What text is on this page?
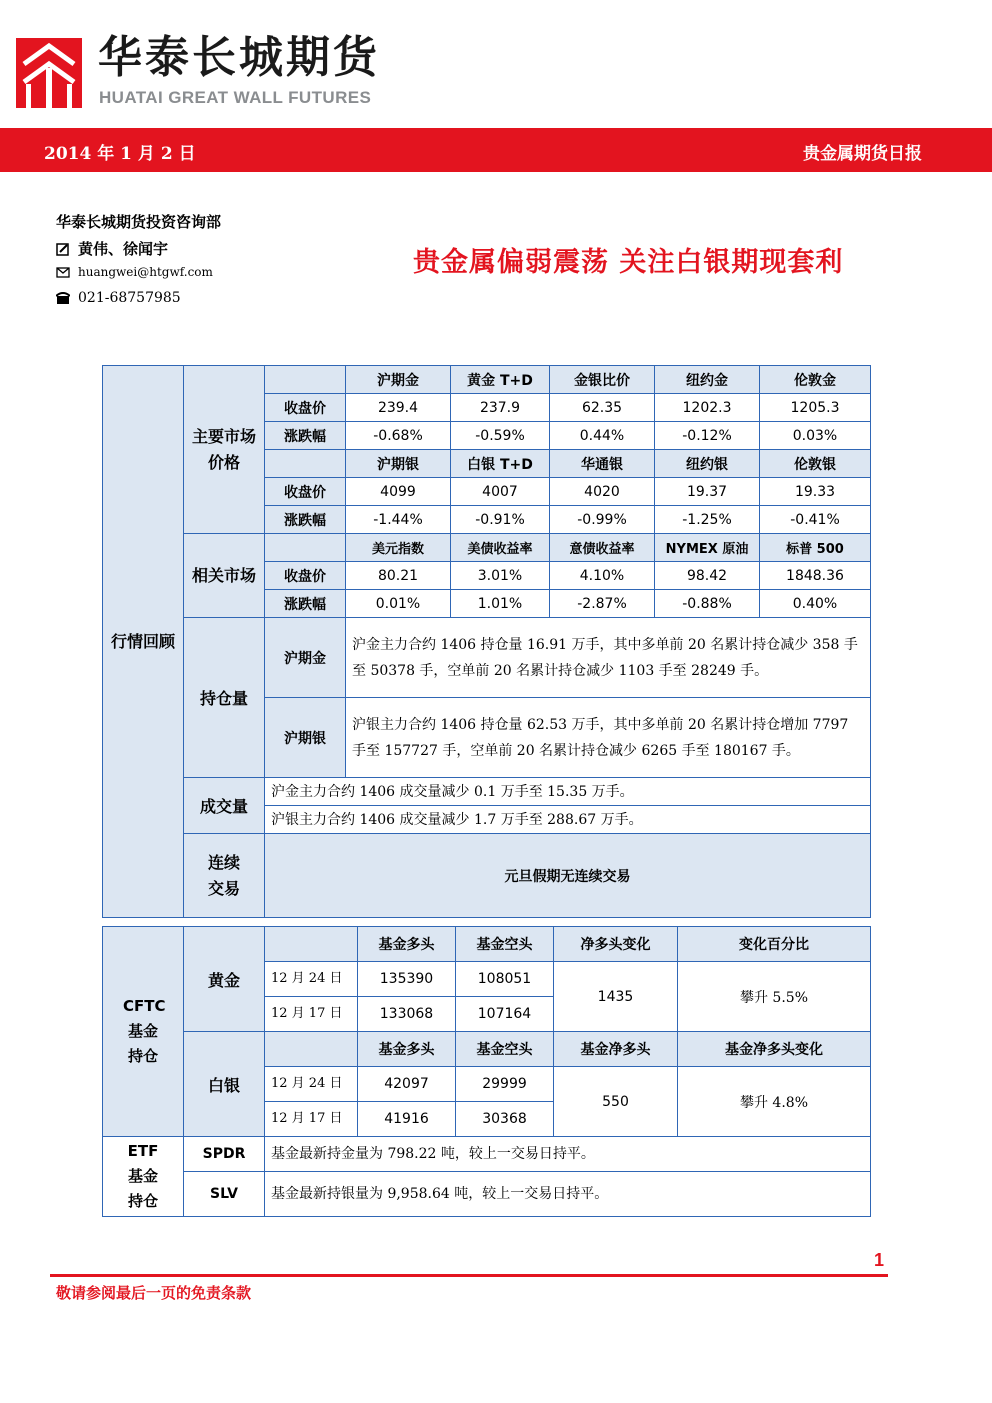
华泰长城期货
HUATAI GREAT WALL FUTURES
2014 年 1 月 2 日	贵金属期货日报
华泰长城期货投资咨询部
黄伟、徐闻宇
huangwei@htgwf.com
021-68757985
贵金属偏弱震荡 关注白银期现套利
行情回顾	主要市场价格		沪期金	黄金 T+D	金银比价	纽约金	伦敦金
		收盘价	239.4	237.9	62.35	1202.3	1205.3
		涨跌幅	-0.68%	-0.59%	0.44%	-0.12%	0.03%
			沪期银	白银 T+D	华通银	纽约银	伦敦银
		收盘价	4099	4007	4020	19.37	19.33
		涨跌幅	-1.44%	-0.91%	-0.99%	-1.25%	-0.41%
	相关市场		美元指数	美债收益率	意债收益率	NYMEX 原油	标普 500
		收盘价	80.21	3.01%	4.10%	98.42	1848.36
		涨跌幅	0.01%	1.01%	-2.87%	-0.88%	0.40%
	持仓量	沪期金	沪金主力合约 1406 持仓量 16.91 万手，其中多单前 20 名累计持仓减少 358 手至 50378 手，空单前 20 名累计持仓减少 1103 手至 28249 手。				
		沪期银	沪银主力合约 1406 持仓量 62.53 万手，其中多单前 20 名累计持仓增加 7797 手至 157727 手，空单前 20 名累计持仓减少 6265 手至 180167 手。				
	成交量	沪金主力合约 1406 成交量减少 0.1 万手至 15.35 万手。					
		沪银主力合约 1406 成交量减少 1.7 万手至 288.67 万手。					
	连续交易	元旦假期无连续交易					
CFTC 基金持仓	黄金		基金多头	基金空头	净多头变化	变化百分比
		12 月 24 日	135390	108051	1435	攀升 5.5%
		12 月 17 日	133068	107164		
	白银		基金多头	基金空头	基金净多头	基金净多头变化
		12 月 24 日	42097	29999	550	攀升 4.8%
		12 月 17 日	41916	30368		
ETF 基金持仓	SPDR	基金最新持金量为 798.22 吨，较上一交易日持平。				
	SLV	基金最新持银量为 9,958.64 吨，较上一交易日持平。				
1
敬请参阅最后一页的免责条款
